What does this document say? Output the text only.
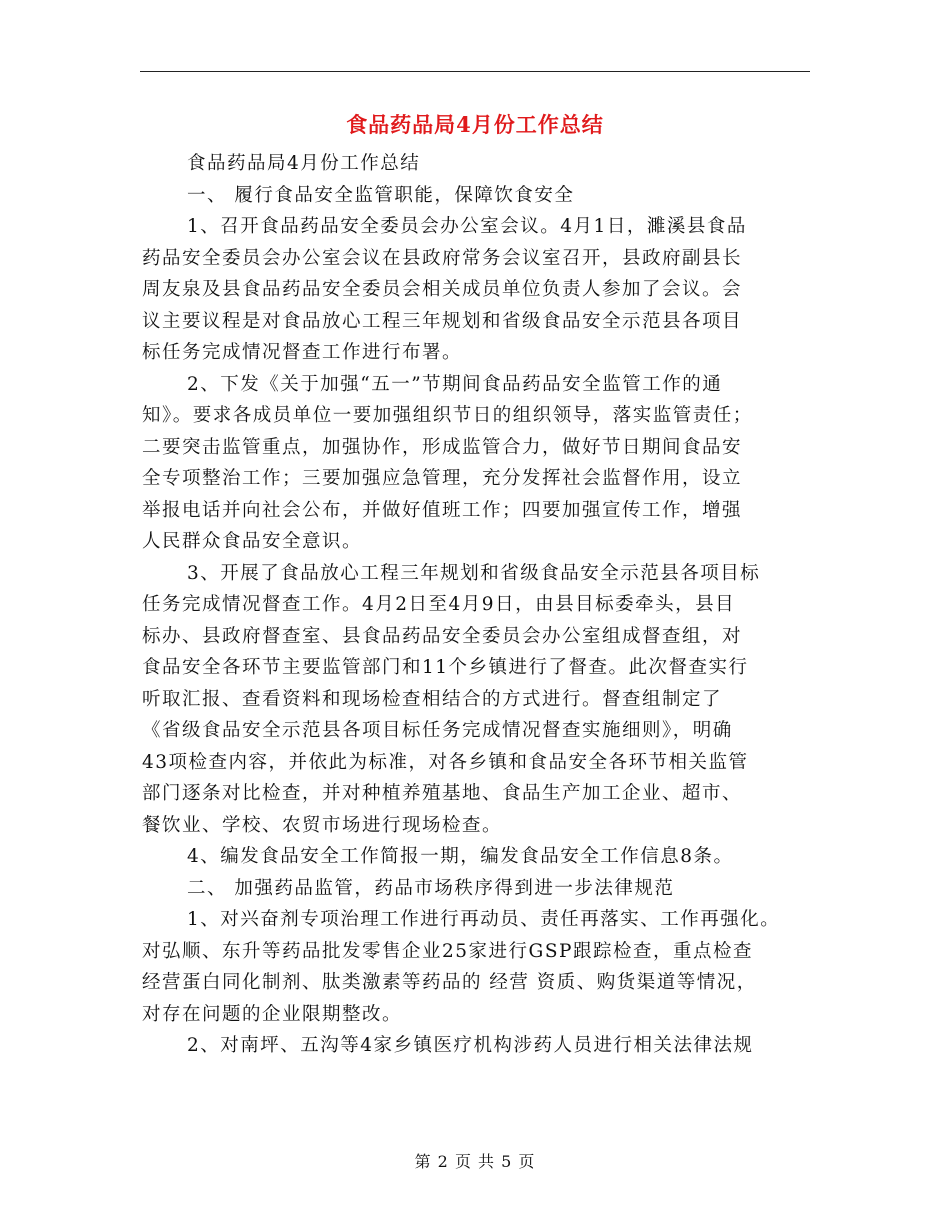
食品药品局4月份工作总结
食品药品局4月份工作总结
一、 履行食品安全监管职能，保障饮食安全
1、召开食品药品安全委员会办公室会议。4月1日，濉溪县食品
药品安全委员会办公室会议在县政府常务会议室召开，县政府副县长
周友泉及县食品药品安全委员会相关成员单位负责人参加了会议。会
议主要议程是对食品放心工程三年规划和省级食品安全示范县各项目
标任务完成情况督查工作进行布署。
2、下发《关于加强“五一”节期间食品药品安全监管工作的通
知》。要求各成员单位一要加强组织节日的组织领导，落实监管责任；
二要突击监管重点，加强协作，形成监管合力，做好节日期间食品安
全专项整治工作；三要加强应急管理，充分发挥社会监督作用，设立
举报电话并向社会公布，并做好值班工作；四要加强宣传工作，增强
人民群众食品安全意识。
3、开展了食品放心工程三年规划和省级食品安全示范县各项目标
任务完成情况督查工作。4月2日至4月9日，由县目标委牵头，县目
标办、县政府督查室、县食品药品安全委员会办公室组成督查组，对
食品安全各环节主要监管部门和11个乡镇进行了督查。此次督查实行
听取汇报、查看资料和现场检查相结合的方式进行。督查组制定了
《省级食品安全示范县各项目标任务完成情况督查实施细则》，明确
43项检查内容，并依此为标准，对各乡镇和食品安全各环节相关监管
部门逐条对比检查，并对种植养殖基地、食品生产加工企业、超市、
餐饮业、学校、农贸市场进行现场检查。
4、编发食品安全工作简报一期，编发食品安全工作信息8条。
二、 加强药品监管，药品市场秩序得到进一步法律规范
1、对兴奋剂专项治理工作进行再动员、责任再落实、工作再强化。
对弘顺、东升等药品批发零售企业25家进行GSP跟踪检查，重点检查
经营蛋白同化制剂、肽类激素等药品的 经营 资质、购货渠道等情况，
对存在问题的企业限期整改。
2、对南坪、五沟等4家乡镇医疗机构涉药人员进行相关法律法规
第 2 页 共 5 页
